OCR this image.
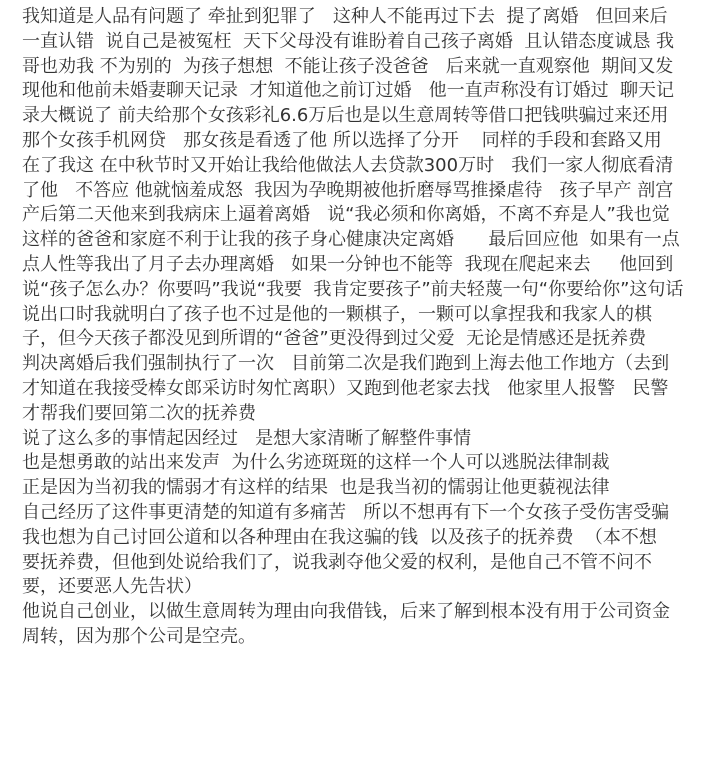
我知道是人品有问题了 牵扯到犯罪了   这种人不能再过下去  提了离婚   但回来后
一直认错  说自己是被冤枉  天下父母没有谁盼着自己孩子离婚  且认错态度诚恳 我
哥也劝我 不为别的  为孩子想想  不能让孩子没爸爸   后来就一直观察他  期间又发
现他和他前未婚妻聊天记录  才知道他之前订过婚   他一直声称没有订婚过  聊天记
录大概说了 前夫给那个女孩彩礼6.6万后也是以生意周转等借口把钱哄骗过来还用
那个女孩手机网贷   那女孩是看透了他 所以选择了分开    同样的手段和套路又用
在了我这 在中秋节时又开始让我给他做法人去贷款300万时   我们一家人彻底看清
了他   不答应 他就恼羞成怒  我因为孕晚期被他折磨辱骂推搡虐待   孩子早产 剖宫
产后第二天他来到我病床上逼着离婚   说“我必须和你离婚，不离不弃是人”我也觉
这样的爸爸和家庭不利于让我的孩子身心健康决定离婚      最后回应他  如果有一点
点人性等我出了月子去办理离婚   如果一分钟也不能等  我现在爬起来去     他回到
说“孩子怎么办？你要吗”我说“我要  我肯定要孩子”前夫轻蔑一句“你要给你”这句话
说出口时我就明白了孩子也不过是他的一颗棋子，一颗可以拿捏我和我家人的棋
子，但今天孩子都没见到所谓的“爸爸”更没得到过父爱  无论是情感还是抚养费
判决离婚后我们强制执行了一次   目前第二次是我们跑到上海去他工作地方（去到
才知道在我接受棒女郎采访时匆忙离职）又跑到他老家去找   他家里人报警   民警
才帮我们要回第二次的抚养费
说了这么多的事情起因经过   是想大家清晰了解整件事情
也是想勇敢的站出来发声  为什么劣迹斑斑的这样一个人可以逃脱法律制裁
正是因为当初我的懦弱才有这样的结果  也是我当初的懦弱让他更藐视法律
自己经历了这件事更清楚的知道有多痛苦   所以不想再有下一个女孩子受伤害受骗
我也想为自己讨回公道和以各种理由在我这骗的钱  以及孩子的抚养费  （本不想
要抚养费，但他到处说给我们了，说我剥夺他父爱的权利，是他自己不管不问不
要，还要恶人先告状）
他说自己创业，以做生意周转为理由向我借钱，后来了解到根本没有用于公司资金
周转，因为那个公司是空壳。
